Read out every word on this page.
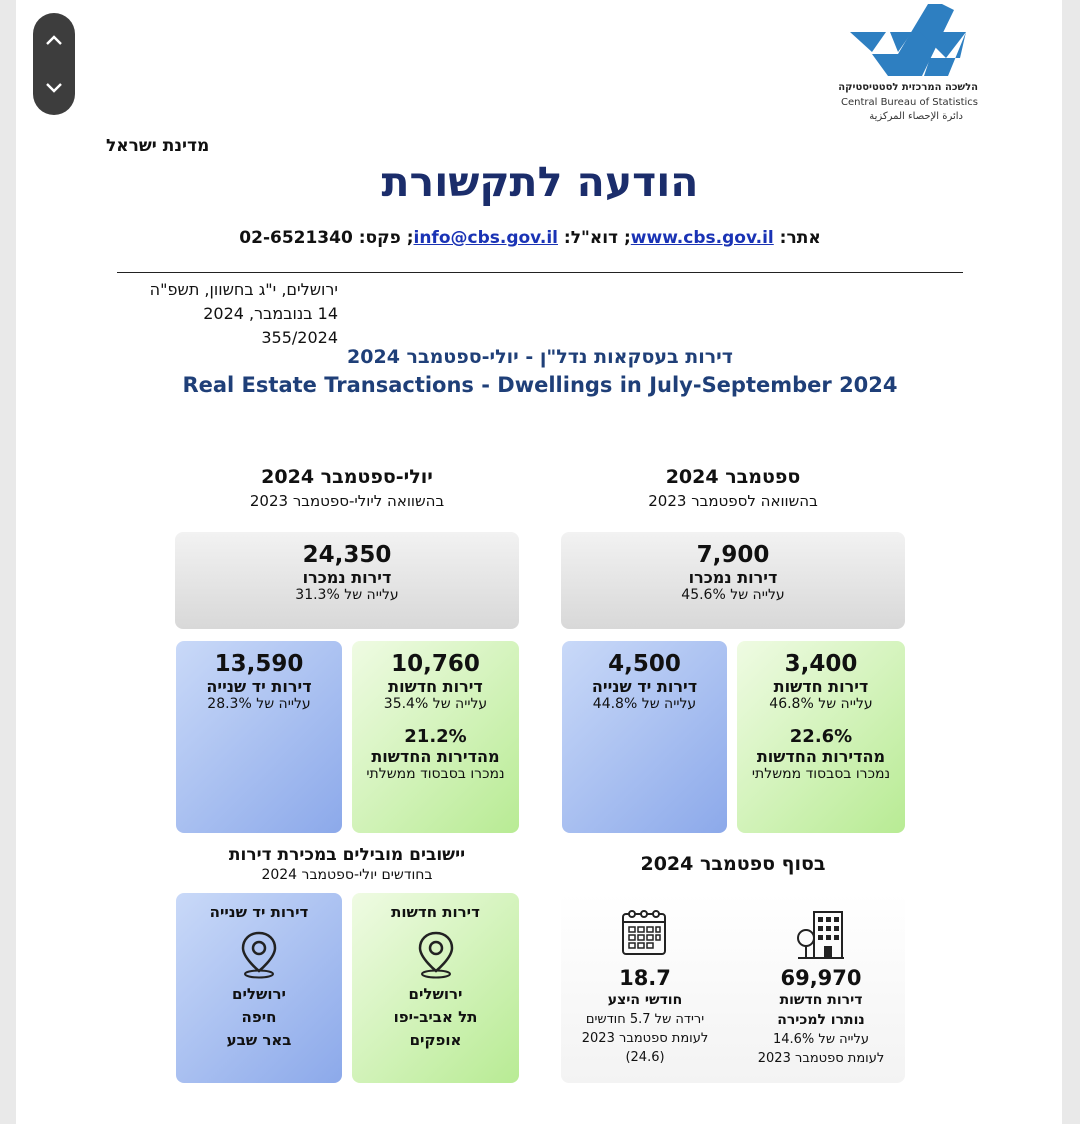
הלשכה המרכזית לסטטיסטיקה
Central Bureau of Statistics
دائرة الإحصاء المركزية
מדינת ישראל
הודעה לתקשורת
אתר: www.cbs.gov.il; דוא"ל: info@cbs.gov.il; פקס: 02-6521340
ירושלים, י"ג בחשוון, תשפ"ה
14 בנובמבר, 2024
355/2024
דירות בעסקאות נדל"ן - יולי-ספטמבר 2024
Real Estate Transactions - Dwellings in July-September 2024
ספטמבר 2024
בהשוואה לספטמבר 2023
יולי-ספטמבר 2024
בהשוואה ליולי-ספטמבר 2023
7,900
דירות נמכרו
עלייה של 45.6%
24,350
דירות נמכרו
עלייה של 31.3%
3,400
דירות חדשות
עלייה של 46.8%
22.6%
מהדירות החדשות
נמכרו בסבסוד ממשלתי
4,500
דירות יד שנייה
עלייה של 44.8%
10,760
דירות חדשות
עלייה של 35.4%
21.2%
מהדירות החדשות
נמכרו בסבסוד ממשלתי
13,590
דירות יד שנייה
עלייה של 28.3%
בסוף ספטמבר 2024
יישובים מובילים במכירת דירות
בחודשים יולי-ספטמבר 2024
69,970
דירות חדשות
נותרו למכירה
עלייה של 14.6%
לעומת ספטמבר 2023
18.7
חודשי היצע
ירידה של 5.7 חודשים
לעומת ספטמבר 2023
(24.6)
דירות חדשות
ירושלים
תל אביב-יפו
אופקים
דירות יד שנייה
ירושלים
חיפה
באר שבע
